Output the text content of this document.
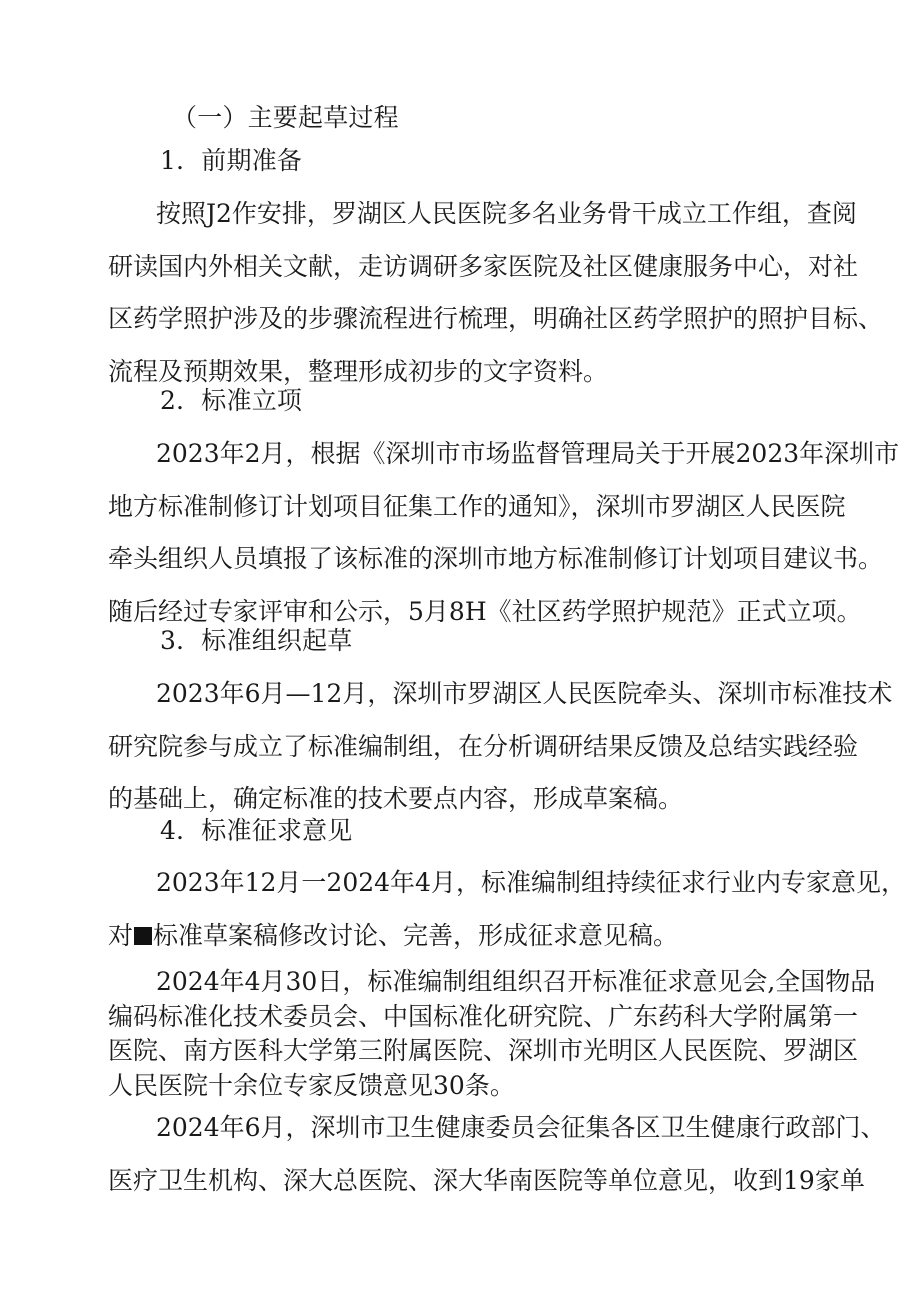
（一）主要起草过程
1．前期准备
按照J2作安排，罗湖区人民医院多名业务骨干成立工作组，查阅
研读国内外相关文献，走访调研多家医院及社区健康服务中心，对社
区药学照护涉及的步骤流程进行梳理，明确社区药学照护的照护目标、
流程及预期效果，整理形成初步的文字资料。
2．标准立项
2023年2月，根据《深圳市市场监督管理局关于开展2023年深圳市
地方标准制修订计划项目征集工作的通知》，深圳市罗湖区人民医院
牵头组织人员填报了该标准的深圳市地方标准制修订计划项目建议书。
随后经过专家评审和公示，5月8H《社区药学照护规范》正式立项。
3．标准组织起草
2023年6月—12月，深圳市罗湖区人民医院牵头、深圳市标准技术
研究院参与成立了标准编制组，在分析调研结果反馈及总结实践经验
的基础上，确定标准的技术要点内容，形成草案稿。
4．标准征求意见
2023年12月一2024年4月，标准编制组持续征求行业内专家意见，
对 标准草案稿修改讨论、完善，形成征求意见稿。
2024年4月30日，标准编制组组织召开标准征求意见会,全国物品
编码标准化技术委员会、中国标准化研究院、广东药科大学附属第一
医院、南方医科大学第三附属医院、深圳市光明区人民医院、罗湖区
人民医院十余位专家反馈意见30条。
2024年6月，深圳市卫生健康委员会征集各区卫生健康行政部门、
医疗卫生机构、深大总医院、深大华南医院等单位意见，收到19家单
